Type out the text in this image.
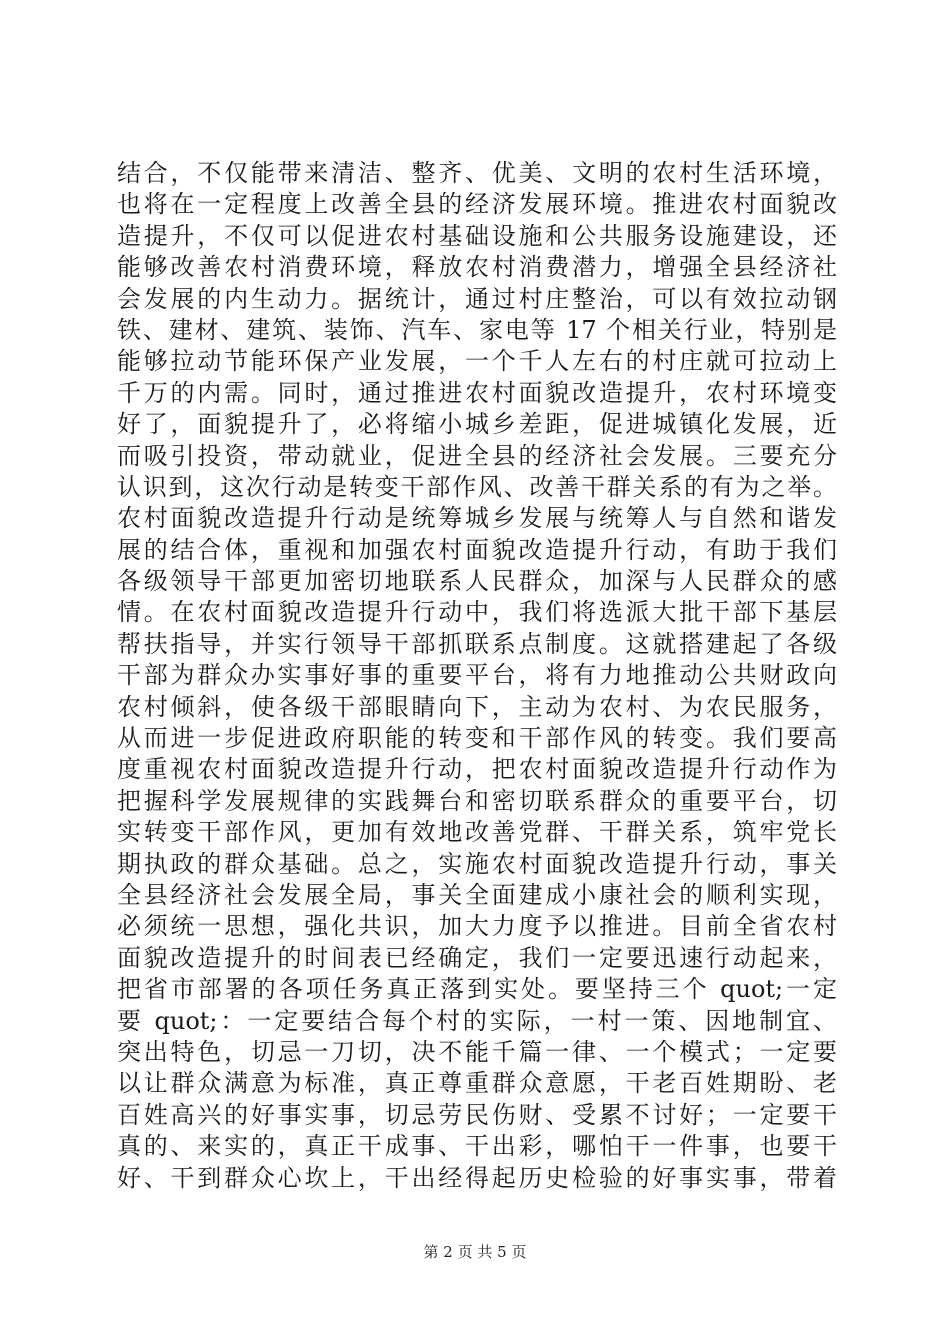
结合，不仅能带来清洁、整齐、优美、文明的农村生活环境，
也将在一定程度上改善全县的经济发展环境。推进农村面貌改
造提升，不仅可以促进农村基础设施和公共服务设施建设，还
能够改善农村消费环境，释放农村消费潜力，增强全县经济社
会发展的内生动力。据统计，通过村庄整治，可以有效拉动钢
铁、建材、建筑、装饰、汽车、家电等 17 个相关行业，特别是
能够拉动节能环保产业发展，一个千人左右的村庄就可拉动上
千万的内需。同时，通过推进农村面貌改造提升，农村环境变
好了，面貌提升了，必将缩小城乡差距，促进城镇化发展，近
而吸引投资，带动就业，促进全县的经济社会发展。三要充分
认识到，这次行动是转变干部作风、改善干群关系的有为之举。
农村面貌改造提升行动是统筹城乡发展与统筹人与自然和谐发
展的结合体，重视和加强农村面貌改造提升行动，有助于我们
各级领导干部更加密切地联系人民群众，加深与人民群众的感
情。在农村面貌改造提升行动中，我们将选派大批干部下基层
帮扶指导，并实行领导干部抓联系点制度。这就搭建起了各级
干部为群众办实事好事的重要平台，将有力地推动公共财政向
农村倾斜，使各级干部眼睛向下，主动为农村、为农民服务，
从而进一步促进政府职能的转变和干部作风的转变。我们要高
度重视农村面貌改造提升行动，把农村面貌改造提升行动作为
把握科学发展规律的实践舞台和密切联系群众的重要平台，切
实转变干部作风，更加有效地改善党群、干群关系，筑牢党长
期执政的群众基础。总之，实施农村面貌改造提升行动，事关
全县经济社会发展全局，事关全面建成小康社会的顺利实现，
必须统一思想，强化共识，加大力度予以推进。目前全省农村
面貌改造提升的时间表已经确定，我们一定要迅速行动起来，
把省市部署的各项任务真正落到实处。要坚持三个 quot;一定
要 quot;：一定要结合每个村的实际，一村一策、因地制宜、
突出特色，切忌一刀切，决不能千篇一律、一个模式；一定要
以让群众满意为标准，真正尊重群众意愿，干老百姓期盼、老
百姓高兴的好事实事，切忌劳民伤财、受累不讨好；一定要干
真的、来实的，真正干成事、干出彩，哪怕干一件事，也要干
好、干到群众心坎上，干出经得起历史检验的好事实事，带着
第 2 页 共 5 页
